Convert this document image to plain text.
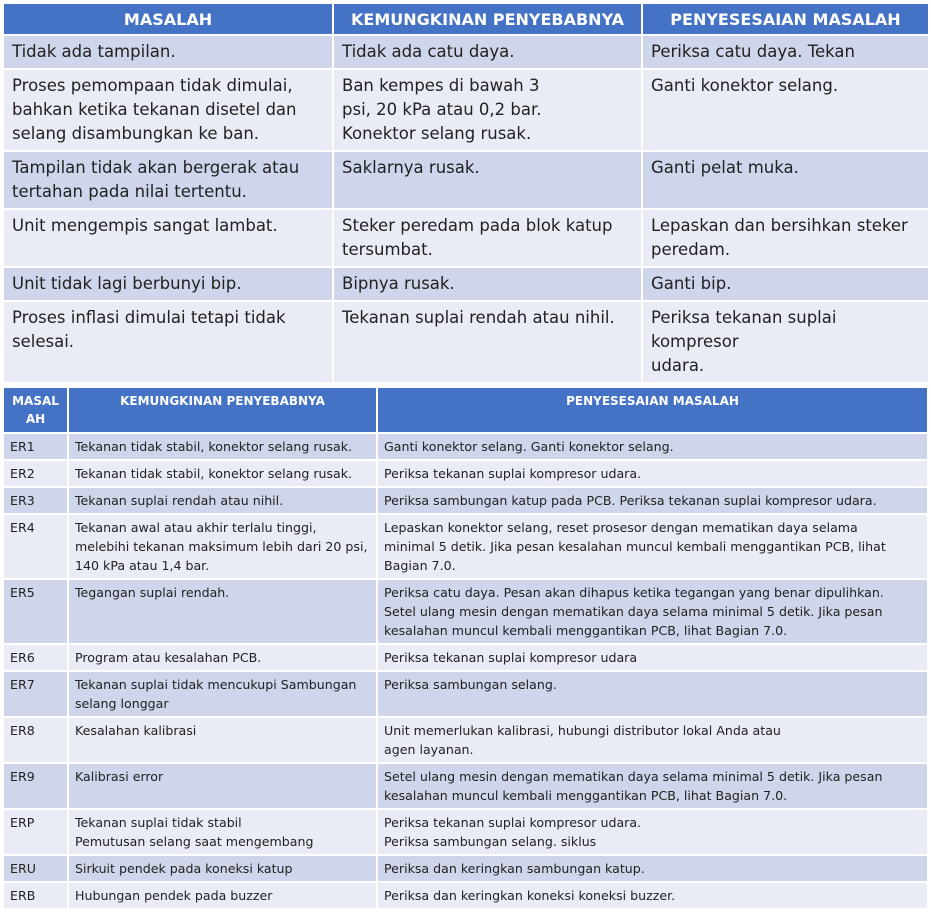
MASALAH	KEMUNGKINAN PENYEBABNYA	PENYESESAIAN MASALAH
Tidak ada tampilan.	Tidak ada catu daya.	Periksa catu daya. Tekan
Proses pemompaan tidak dimulai,
bahkan ketika tekanan disetel dan
selang disambungkan ke ban.	Ban kempes di bawah 3
psi, 20 kPa atau 0,2 bar.
Konektor selang rusak.	Ganti konektor selang.
Tampilan tidak akan bergerak atau
tertahan pada nilai tertentu.	Saklarnya rusak.	Ganti pelat muka.
Unit mengempis sangat lambat.	Steker peredam pada blok katup
tersumbat.	Lepaskan dan bersihkan steker
peredam.
Unit tidak lagi berbunyi bip.	Bipnya rusak.	Ganti bip.
Proses inflasi dimulai tetapi tidak
selesai.	Tekanan suplai rendah atau nihil.	Periksa tekanan suplai kompresor
udara.
MASAL
AH	KEMUNGKINAN PENYEBABNYA	PENYESESAIAN MASALAH
ER1	Tekanan tidak stabil, konektor selang rusak.	Ganti konektor selang. Ganti konektor selang.
ER2	Tekanan tidak stabil, konektor selang rusak.	Periksa tekanan suplai kompresor udara.
ER3	Tekanan suplai rendah atau nihil.	Periksa sambungan katup pada PCB. Periksa tekanan suplai kompresor udara.
ER4	Tekanan awal atau akhir terlalu tinggi,
melebihi tekanan maksimum lebih dari 20 psi,
140 kPa atau 1,4 bar.	Lepaskan konektor selang, reset prosesor dengan mematikan daya selama
minimal 5 detik. Jika pesan kesalahan muncul kembali menggantikan PCB, lihat
Bagian 7.0.
ER5	Tegangan suplai rendah.	Periksa catu daya. Pesan akan dihapus ketika tegangan yang benar dipulihkan.
Setel ulang mesin dengan mematikan daya selama minimal 5 detik. Jika pesan
kesalahan muncul kembali menggantikan PCB, lihat Bagian 7.0.
ER6	Program atau kesalahan PCB.	Periksa tekanan suplai kompresor udara
ER7	Tekanan suplai tidak mencukupi Sambungan
selang longgar	Periksa sambungan selang.
ER8	Kesalahan kalibrasi	Unit memerlukan kalibrasi, hubungi distributor lokal Anda atau
agen layanan.
ER9	Kalibrasi error	Setel ulang mesin dengan mematikan daya selama minimal 5 detik. Jika pesan
kesalahan muncul kembali menggantikan PCB, lihat Bagian 7.0.
ERP	Tekanan suplai tidak stabil
Pemutusan selang saat mengembang	Periksa tekanan suplai kompresor udara.
Periksa sambungan selang. siklus
ERU	Sirkuit pendek pada koneksi katup	Periksa dan keringkan sambungan katup.
ERB	Hubungan pendek pada buzzer	Periksa dan keringkan koneksi koneksi buzzer.
